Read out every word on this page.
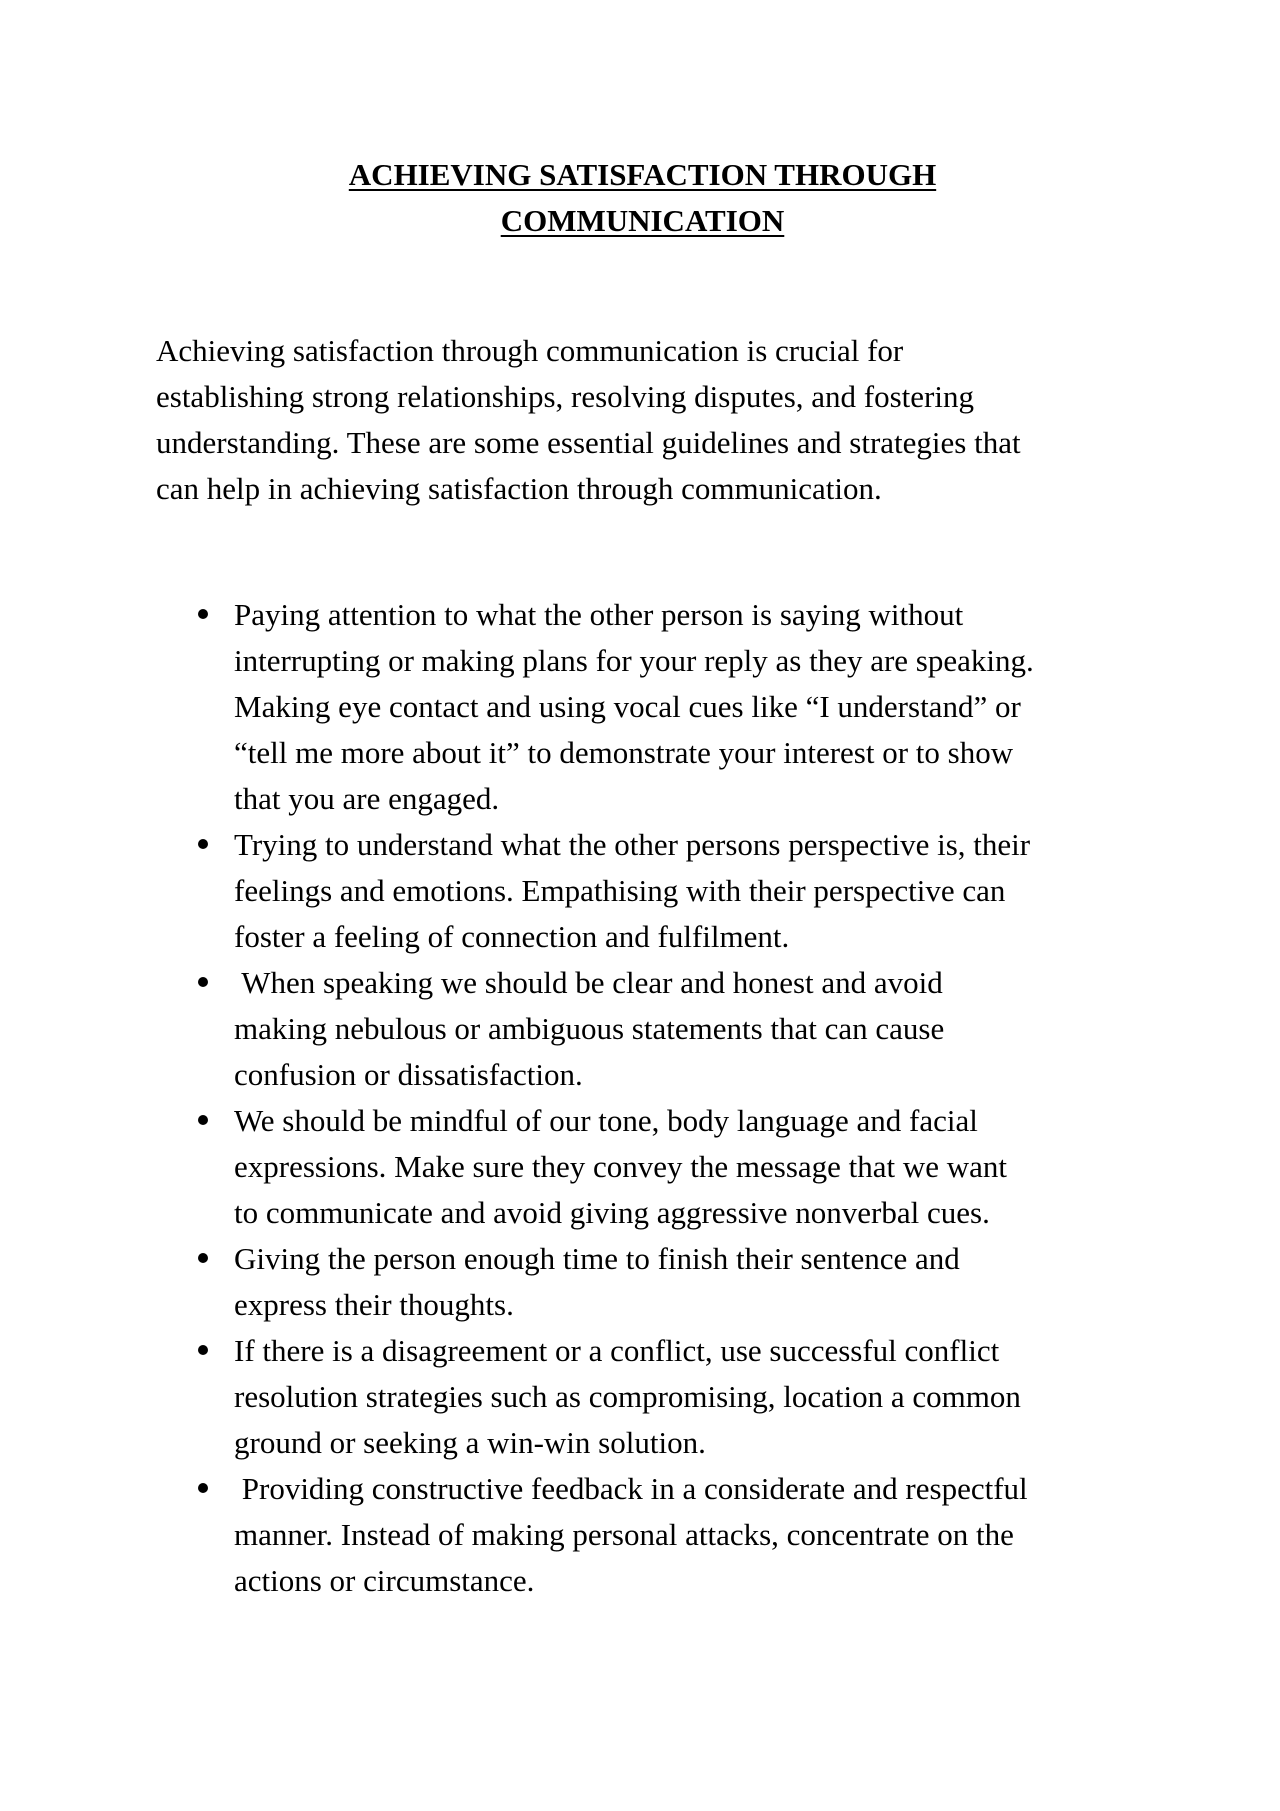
ACHIEVING SATISFACTION THROUGH
COMMUNICATION

Achieving satisfaction through communication is crucial for
establishing strong relationships, resolving disputes, and fostering
understanding. These are some essential guidelines and strategies that
can help in achieving satisfaction through communication.

Paying attention to what the other person is saying without
interrupting or making plans for your reply as they are speaking.
Making eye contact and using vocal cues like “I understand” or
“tell me more about it” to demonstrate your interest or to show
that you are engaged.
Trying to understand what the other persons perspective is, their
feelings and emotions. Empathising with their perspective can
foster a feeling of connection and fulfilment.
When speaking we should be clear and honest and avoid
making nebulous or ambiguous statements that can cause
confusion or dissatisfaction.
We should be mindful of our tone, body language and facial
expressions. Make sure they convey the message that we want
to communicate and avoid giving aggressive nonverbal cues.
Giving the person enough time to finish their sentence and
express their thoughts.
If there is a disagreement or a conflict, use successful conflict
resolution strategies such as compromising, location a common
ground or seeking a win-win solution.
Providing constructive feedback in a considerate and respectful
manner. Instead of making personal attacks, concentrate on the
actions or circumstance.
